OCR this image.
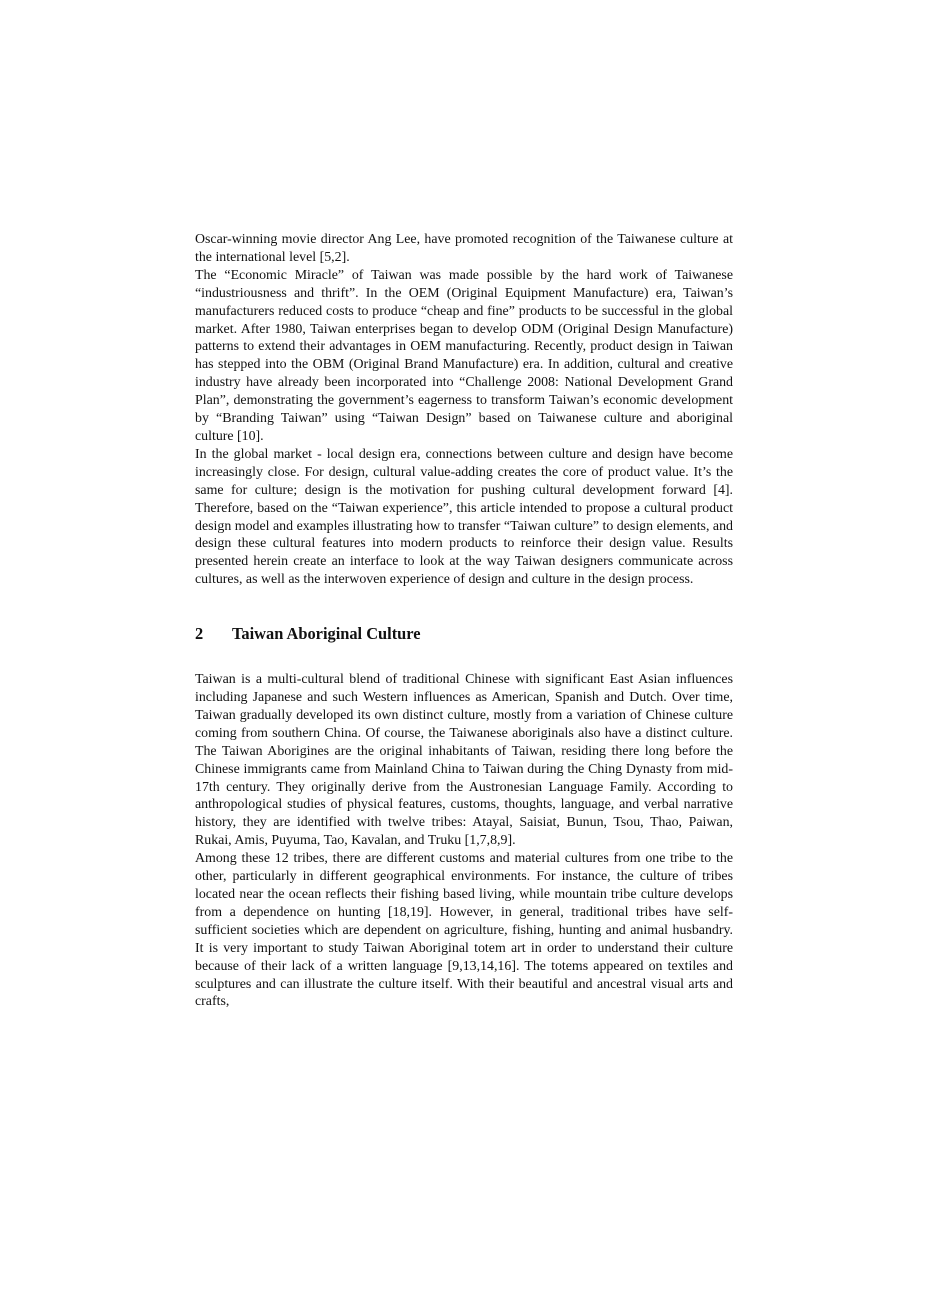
Oscar-winning movie director Ang Lee, have promoted recognition of the Taiwanese culture at the international level [5,2].

The “Economic Miracle” of Taiwan was made possible by the hard work of Taiwanese “industriousness and thrift”. In the OEM (Original Equipment Manufacture) era, Taiwan’s manufacturers reduced costs to produce “cheap and fine” products to be successful in the global market. After 1980, Taiwan enterprises began to develop ODM (Original Design Manufacture) patterns to extend their advantages in OEM manufacturing. Recently, product design in Taiwan has stepped into the OBM (Original Brand Manufacture) era. In addition, cultural and creative industry have already been incorporated into “Challenge 2008: National Development Grand Plan”, demonstrating the government’s eagerness to transform Taiwan’s economic development by “Branding Taiwan” using “Taiwan Design” based on Taiwanese culture and aboriginal culture [10].

In the global market - local design era, connections between culture and design have become increasingly close. For design, cultural value-adding creates the core of product value. It’s the same for culture; design is the motivation for pushing cultural development forward [4]. Therefore, based on the “Taiwan experience”, this article intended to propose a cultural product design model and examples illustrating how to transfer “Taiwan culture” to design elements, and design these cultural features into modern products to reinforce their design value. Results presented herein create an interface to look at the way Taiwan designers communicate across cultures, as well as the interwoven experience of design and culture in the design process.

2	Taiwan Aboriginal Culture

Taiwan is a multi-cultural blend of traditional Chinese with significant East Asian influences including Japanese and such Western influences as American, Spanish and Dutch. Over time, Taiwan gradually developed its own distinct culture, mostly from a variation of Chinese culture coming from southern China. Of course, the Taiwanese aboriginals also have a distinct culture. The Taiwan Aborigines are the original inhabitants of Taiwan, residing there long before the Chinese immigrants came from Mainland China to Taiwan during the Ching Dynasty from mid-17th century. They originally derive from the Austronesian Language Family. According to anthropological studies of physical features, customs, thoughts, language, and verbal narrative history, they are identified with twelve tribes: Atayal, Saisiat, Bunun, Tsou, Thao, Paiwan, Rukai, Amis, Puyuma, Tao, Kavalan, and Truku [1,7,8,9].

Among these 12 tribes, there are different customs and material cultures from one tribe to the other, particularly in different geographical environments. For instance, the culture of tribes located near the ocean reflects their fishing based living, while mountain tribe culture develops from a dependence on hunting [18,19]. However, in general, traditional tribes have self-sufficient societies which are dependent on agriculture, fishing, hunting and animal husbandry. It is very important to study Taiwan Aboriginal totem art in order to understand their culture because of their lack of a written language [9,13,14,16]. The totems appeared on textiles and sculptures and can illustrate the culture itself. With their beautiful and ancestral visual arts and crafts,
